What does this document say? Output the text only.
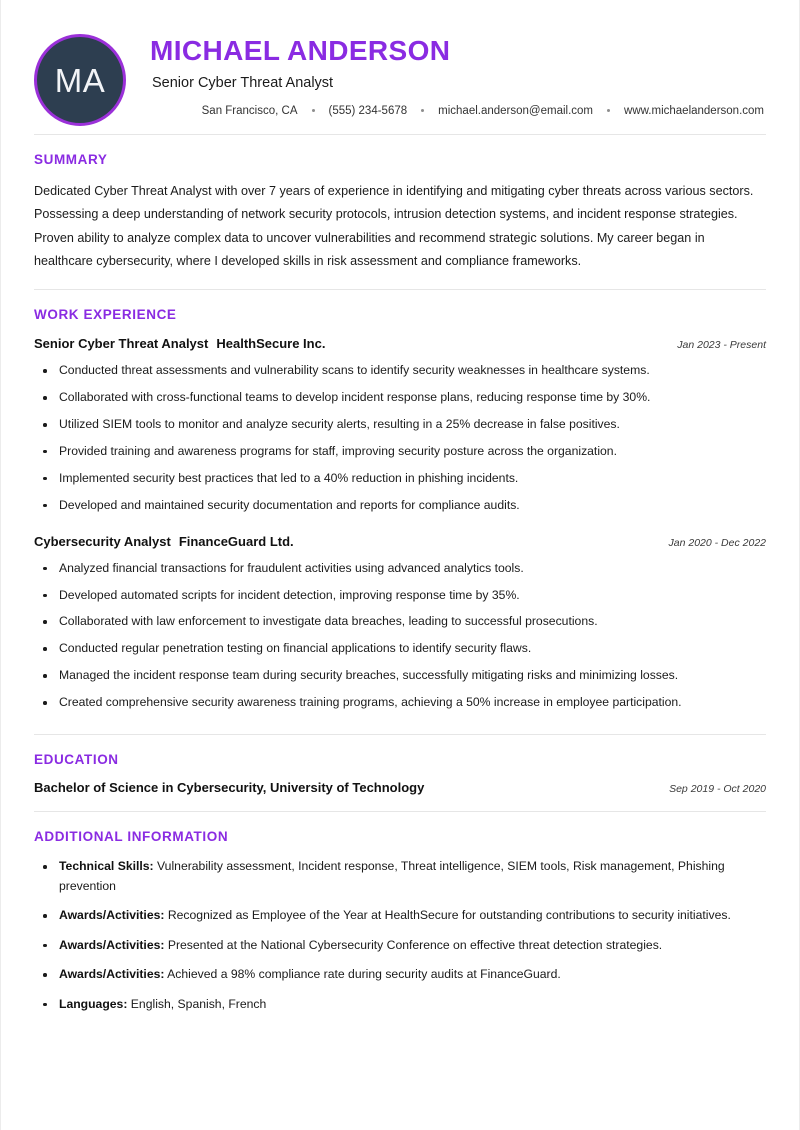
MA
MICHAEL ANDERSON
Senior Cyber Threat Analyst
San Francisco, CA	(555) 234-5678	michael.anderson@email.com	www.michaelanderson.com
SUMMARY

Dedicated Cyber Threat Analyst with over 7 years of experience in identifying and mitigating cyber threats across various sectors. Possessing a deep understanding of network security protocols, intrusion detection systems, and incident response strategies. Proven ability to analyze complex data to uncover vulnerabilities and recommend strategic solutions. My career began in healthcare cybersecurity, where I developed skills in risk assessment and compliance frameworks.

WORK EXPERIENCE
Senior Cyber Threat Analyst HealthSecure Inc.	Jan 2023 - Present
Conducted threat assessments and vulnerability scans to identify security weaknesses in healthcare systems.
Collaborated with cross-functional teams to develop incident response plans, reducing response time by 30%.
Utilized SIEM tools to monitor and analyze security alerts, resulting in a 25% decrease in false positives.
Provided training and awareness programs for staff, improving security posture across the organization.
Implemented security best practices that led to a 40% reduction in phishing incidents.
Developed and maintained security documentation and reports for compliance audits.
Cybersecurity Analyst FinanceGuard Ltd.	Jan 2020 - Dec 2022
Analyzed financial transactions for fraudulent activities using advanced analytics tools.
Developed automated scripts for incident detection, improving response time by 35%.
Collaborated with law enforcement to investigate data breaches, leading to successful prosecutions.
Conducted regular penetration testing on financial applications to identify security flaws.
Managed the incident response team during security breaches, successfully mitigating risks and minimizing losses.
Created comprehensive security awareness training programs, achieving a 50% increase in employee participation.
EDUCATION
Bachelor of Science in Cybersecurity, University of Technology	Sep 2019 - Oct 2020
ADDITIONAL INFORMATION
Technical Skills: Vulnerability assessment, Incident response, Threat intelligence, SIEM tools, Risk management, Phishing prevention
Awards/Activities: Recognized as Employee of the Year at HealthSecure for outstanding contributions to security initiatives.
Awards/Activities: Presented at the National Cybersecurity Conference on effective threat detection strategies.
Awards/Activities: Achieved a 98% compliance rate during security audits at FinanceGuard.
Languages: English, Spanish, French
